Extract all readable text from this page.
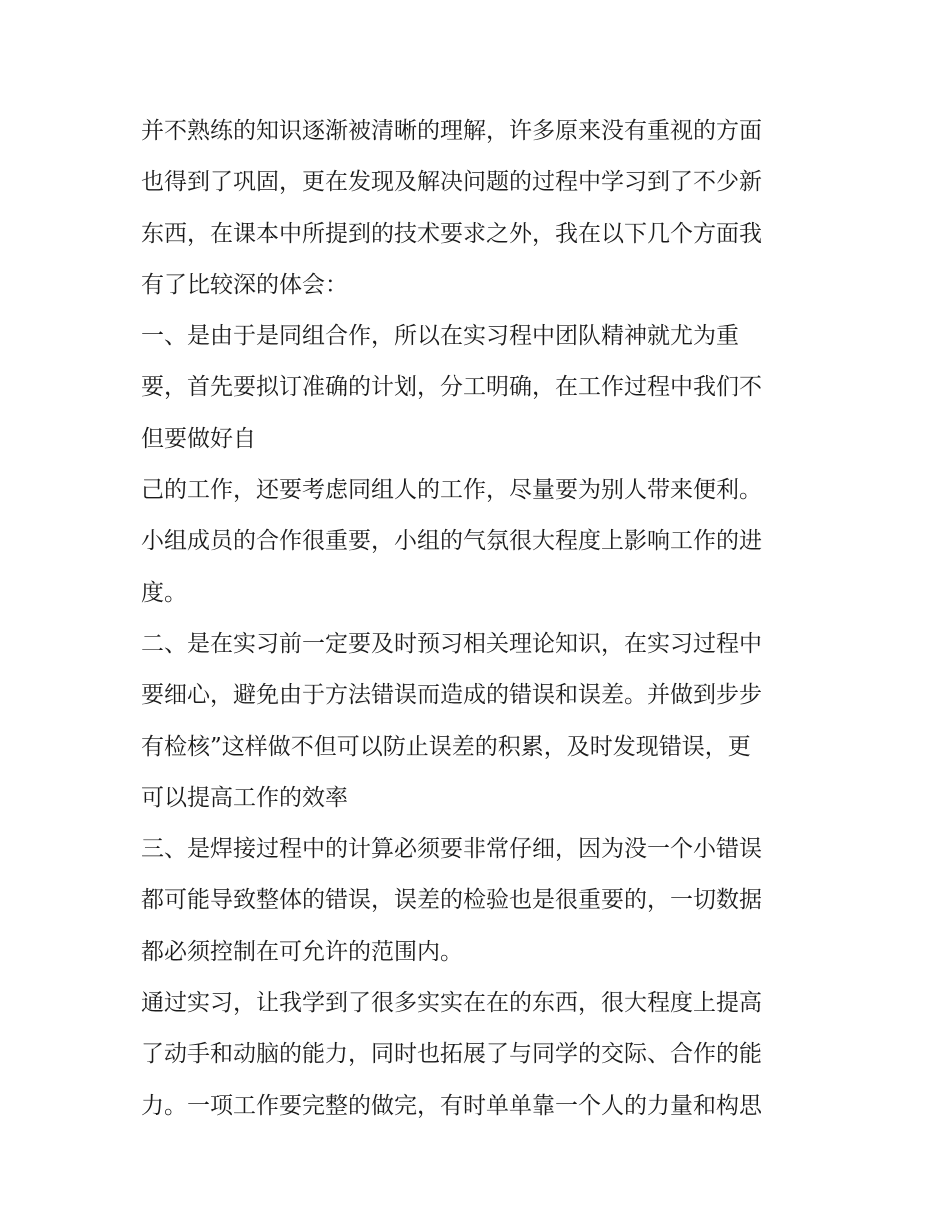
并不熟练的知识逐渐被清晰的理解，许多原来没有重视的方面
也得到了巩固，更在发现及解决问题的过程中学习到了不少新
东西，在课本中所提到的技术要求之外，我在以下几个方面我
有了比较深的体会：
一、是由于是同组合作，所以在实习程中团队精神就尤为重
要，首先要拟订准确的计划，分工明确，在工作过程中我们不
但要做好自
己的工作，还要考虑同组人的工作，尽量要为别人带来便利。
小组成员的合作很重要，小组的气氛很大程度上影响工作的进
度。
二、是在实习前一定要及时预习相关理论知识，在实习过程中
要细心，避免由于方法错误而造成的错误和误差。并做到步步
有检核”这样做不但可以防止误差的积累，及时发现错误，更
可以提高工作的效率
三、是焊接过程中的计算必须要非常仔细，因为没一个小错误
都可能导致整体的错误，误差的检验也是很重要的，一切数据
都必须控制在可允许的范围内。
通过实习，让我学到了很多实实在在的东西，很大程度上提高
了动手和动脑的能力，同时也拓展了与同学的交际、合作的能
力。一项工作要完整的做完，有时单单靠一个人的力量和构思
